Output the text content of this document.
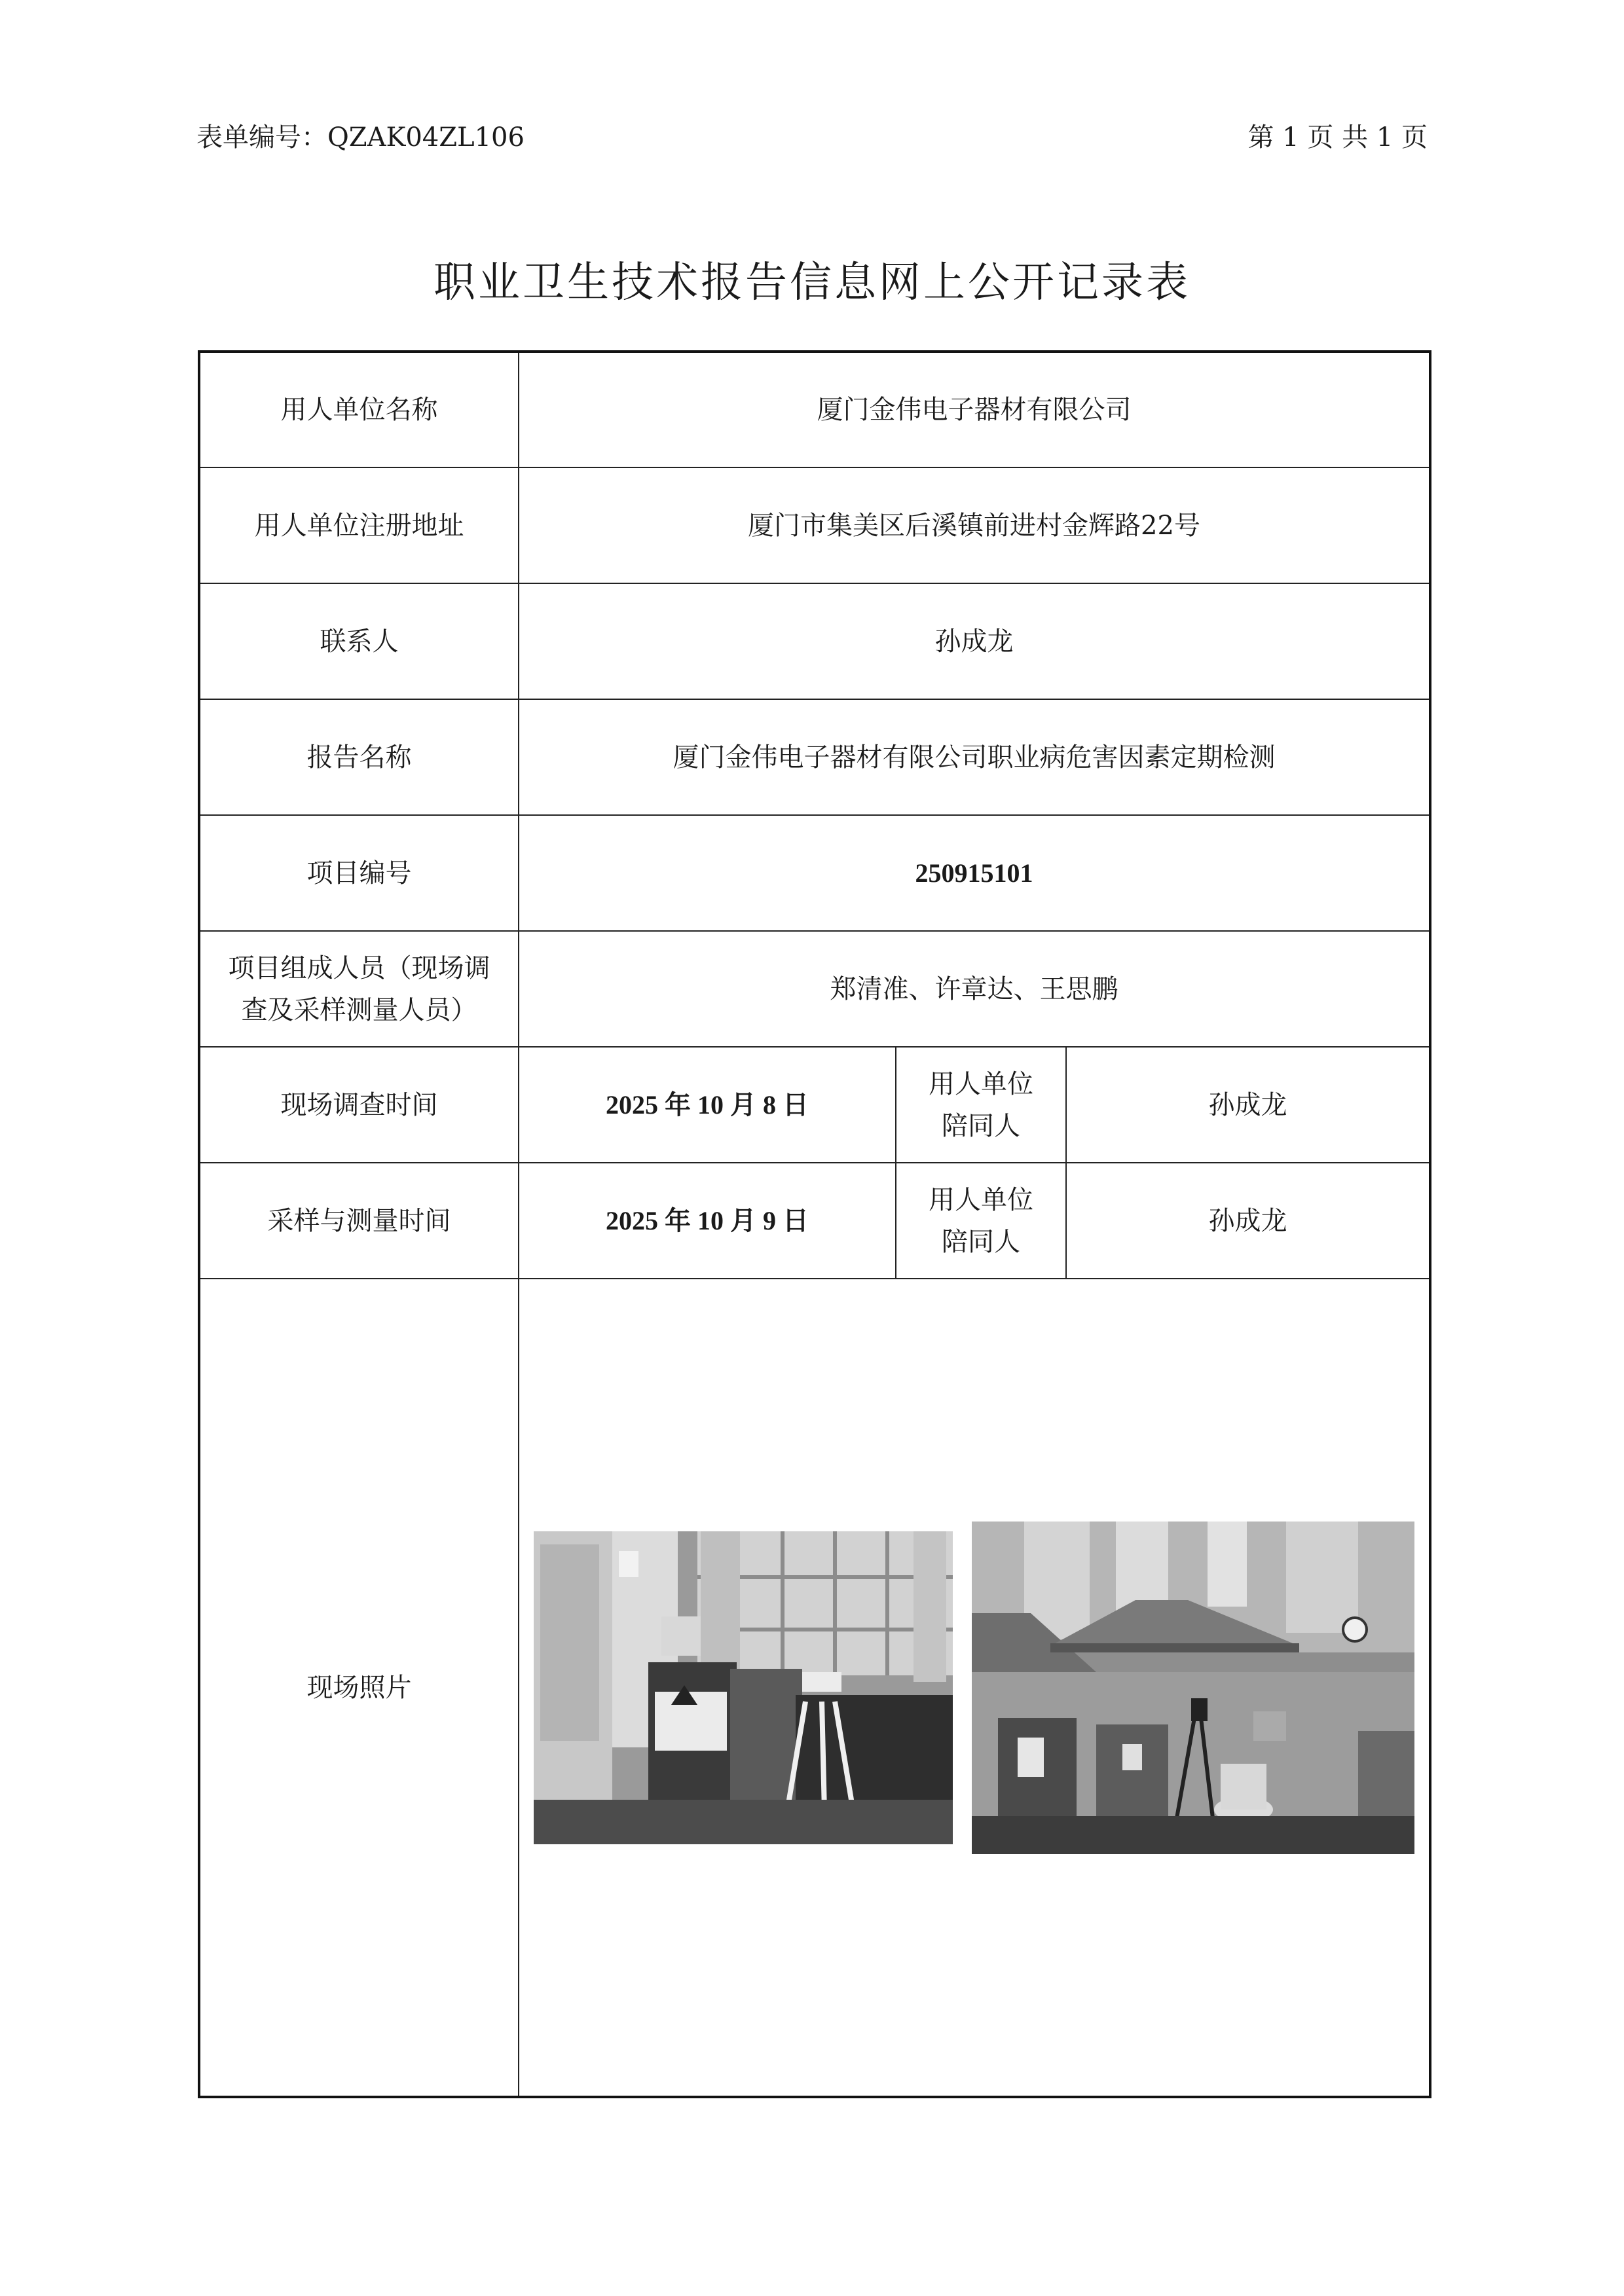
表单编号：QZAK04ZL106	第 1 页 共 1 页
职业卫生技术报告信息网上公开记录表
用人单位名称	厦门金伟电子器材有限公司		
用人单位注册地址	厦门市集美区后溪镇前进村金辉路22号		
联系人	孙成龙		
报告名称	厦门金伟电子器材有限公司职业病危害因素定期检测		
项目编号	250915101		
项目组成人员（现场调查及采样测量人员）	郑清准、许章达、王思鹏		
现场调查时间	2025 年 10 月 8 日	用人单位陪同人	孙成龙
采样与测量时间	2025 年 10 月 9 日	用人单位陪同人	孙成龙
现场照片	
